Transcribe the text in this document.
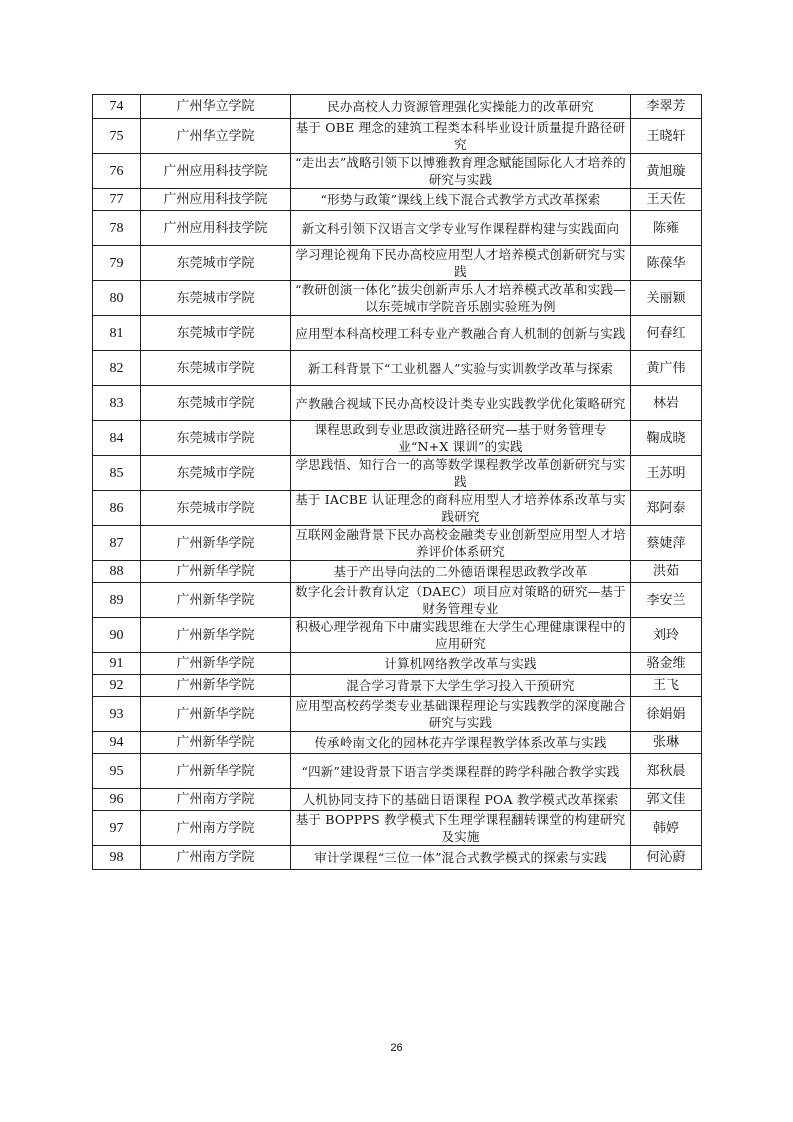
74	广州华立学院	民办高校人力资源管理强化实操能力的改革研究	李翠芳
75	广州华立学院	基于 OBE 理念的建筑工程类本科毕业设计质量提升路径研究	王晓轩
76	广州应用科技学院	“走出去”战略引领下以博雅教育理念赋能国际化人才培养的研究与实践	黄旭璇
77	广州应用科技学院	“形势与政策”课线上线下混合式教学方式改革探索	王天佐
78	广州应用科技学院	新文科引领下汉语言文学专业写作课程群构建与实践面向	陈雍
79	东莞城市学院	学习理论视角下民办高校应用型人才培养模式创新研究与实践	陈葆华
80	东莞城市学院	“教研创演一体化”拔尖创新声乐人才培养模式改革和实践—以东莞城市学院音乐剧实验班为例	关丽颖
81	东莞城市学院	应用型本科高校理工科专业产教融合育人机制的创新与实践	何春红
82	东莞城市学院	新工科背景下“工业机器人”实验与实训教学改革与探索	黄广伟
83	东莞城市学院	产教融合视域下民办高校设计类专业实践教学优化策略研究	林岩
84	东莞城市学院	课程思政到专业思政演进路径研究—基于财务管理专业“N+X 课训”的实践	鞠成晓
85	东莞城市学院	学思践悟、知行合一的高等数学课程教学改革创新研究与实践	王苏明
86	东莞城市学院	基于 IACBE 认证理念的商科应用型人才培养体系改革与实践研究	郑阿泰
87	广州新华学院	互联网金融背景下民办高校金融类专业创新型应用型人才培养评价体系研究	蔡婕萍
88	广州新华学院	基于产出导向法的二外德语课程思政教学改革	洪茹
89	广州新华学院	数字化会计教育认定（DAEC）项目应对策略的研究—基于财务管理专业	李安兰
90	广州新华学院	积极心理学视角下中庸实践思维在大学生心理健康课程中的应用研究	刘玲
91	广州新华学院	计算机网络教学改革与实践	骆金维
92	广州新华学院	混合学习背景下大学生学习投入干预研究	王飞
93	广州新华学院	应用型高校药学类专业基础课程理论与实践教学的深度融合研究与实践	徐娟娟
94	广州新华学院	传承岭南文化的园林花卉学课程教学体系改革与实践	张琳
95	广州新华学院	“四新”建设背景下语言学类课程群的跨学科融合教学实践	郑秋晨
96	广州南方学院	人机协同支持下的基础日语课程 POA 教学模式改革探索	郭文佳
97	广州南方学院	基于 BOPPPS 教学模式下生理学课程翻转课堂的构建研究及实施	韩婷
98	广州南方学院	审计学课程“三位一体”混合式教学模式的探索与实践	何沁蔚
26
